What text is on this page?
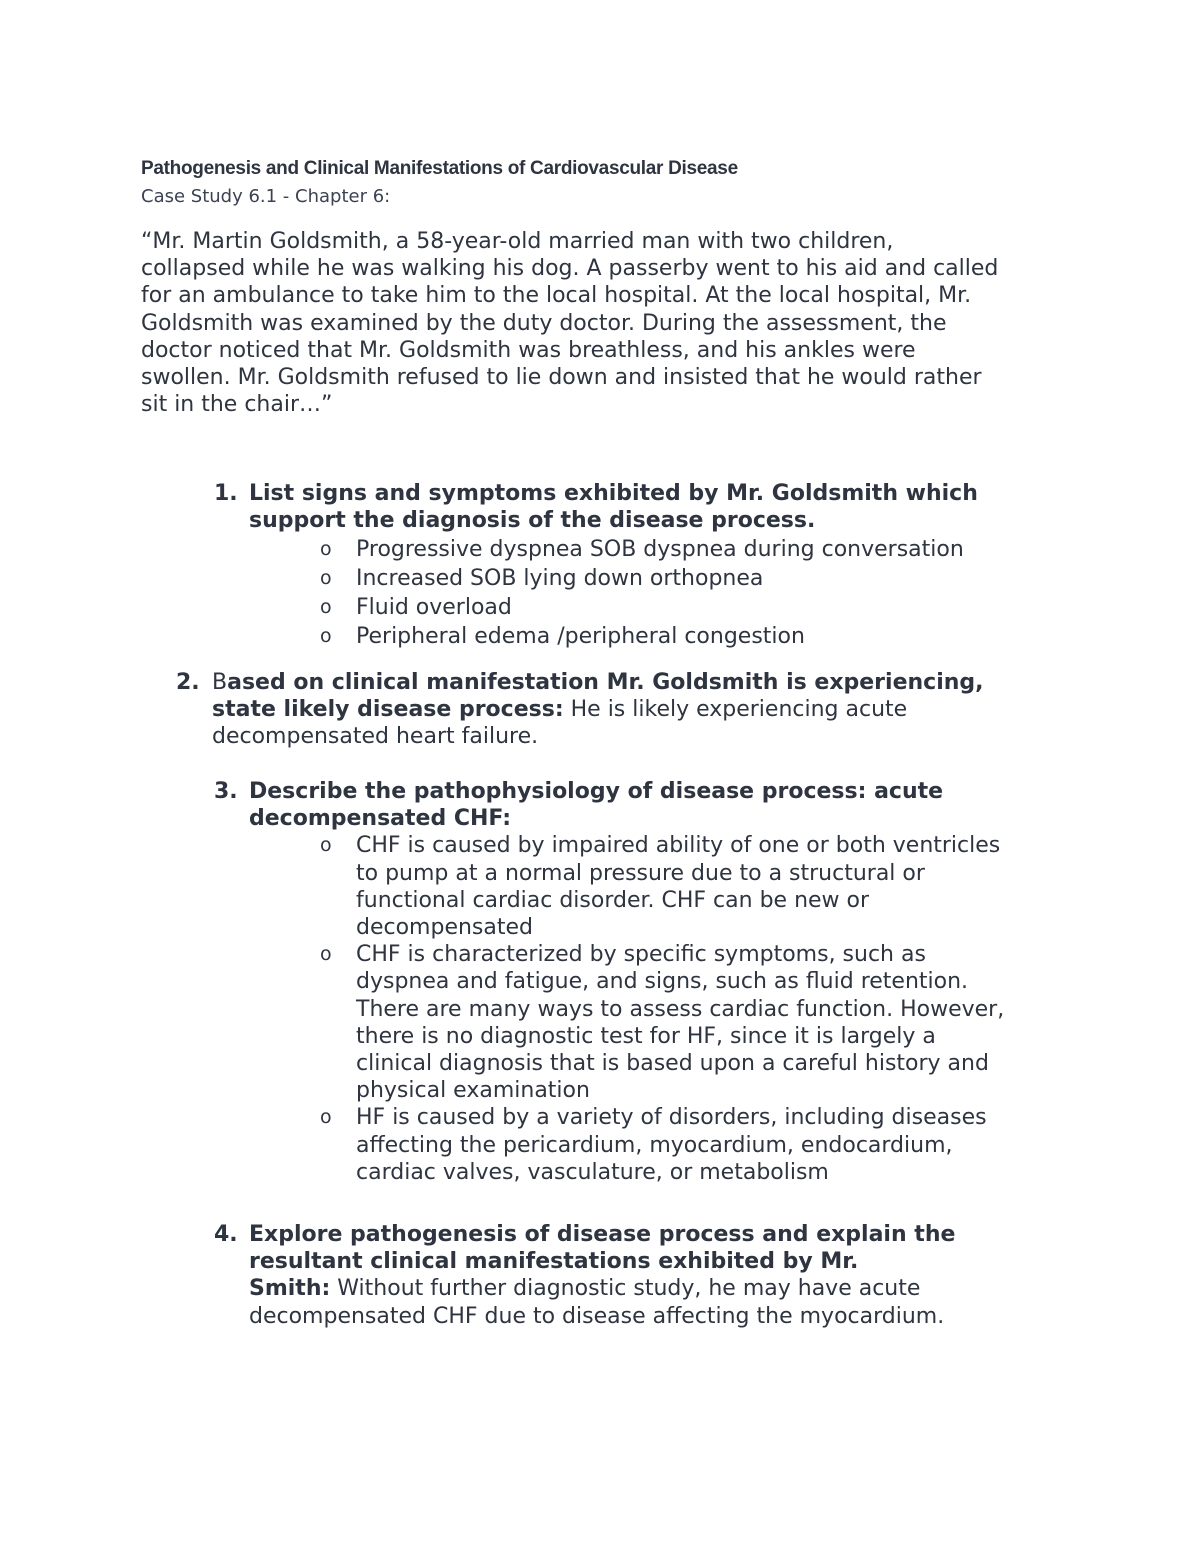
Pathogenesis and Clinical Manifestations of Cardiovascular Disease
Case Study 6.1 - Chapter 6:
“Mr. Martin Goldsmith, a 58-year-old married man with two children,
collapsed while he was walking his dog. A passerby went to his aid and called
for an ambulance to take him to the local hospital. At the local hospital, Mr.
Goldsmith was examined by the duty doctor. During the assessment, the
doctor noticed that Mr. Goldsmith was breathless, and his ankles were
swollen. Mr. Goldsmith refused to lie down and insisted that he would rather
sit in the chair…”
1. List signs and symptoms exhibited by Mr. Goldsmith which
support the diagnosis of the disease process.
o Progressive dyspnea SOB dyspnea during conversation
o Increased SOB lying down orthopnea
o Fluid overload
o Peripheral edema /peripheral congestion
2. Based on clinical manifestation Mr. Goldsmith is experiencing,
state likely disease process: He is likely experiencing acute
decompensated heart failure.
3. Describe the pathophysiology of disease process: acute
decompensated CHF:
o CHF is caused by impaired ability of one or both ventricles
to pump at a normal pressure due to a structural or
functional cardiac disorder. CHF can be new or
decompensated
o CHF is characterized by specific symptoms, such as
dyspnea and fatigue, and signs, such as fluid retention.
There are many ways to assess cardiac function. However,
there is no diagnostic test for HF, since it is largely a
clinical diagnosis that is based upon a careful history and
physical examination
o HF is caused by a variety of disorders, including diseases
affecting the pericardium, myocardium, endocardium,
cardiac valves, vasculature, or metabolism
4. Explore pathogenesis of disease process and explain the
resultant clinical manifestations exhibited by Mr.
Smith: Without further diagnostic study, he may have acute
decompensated CHF due to disease affecting the myocardium.
